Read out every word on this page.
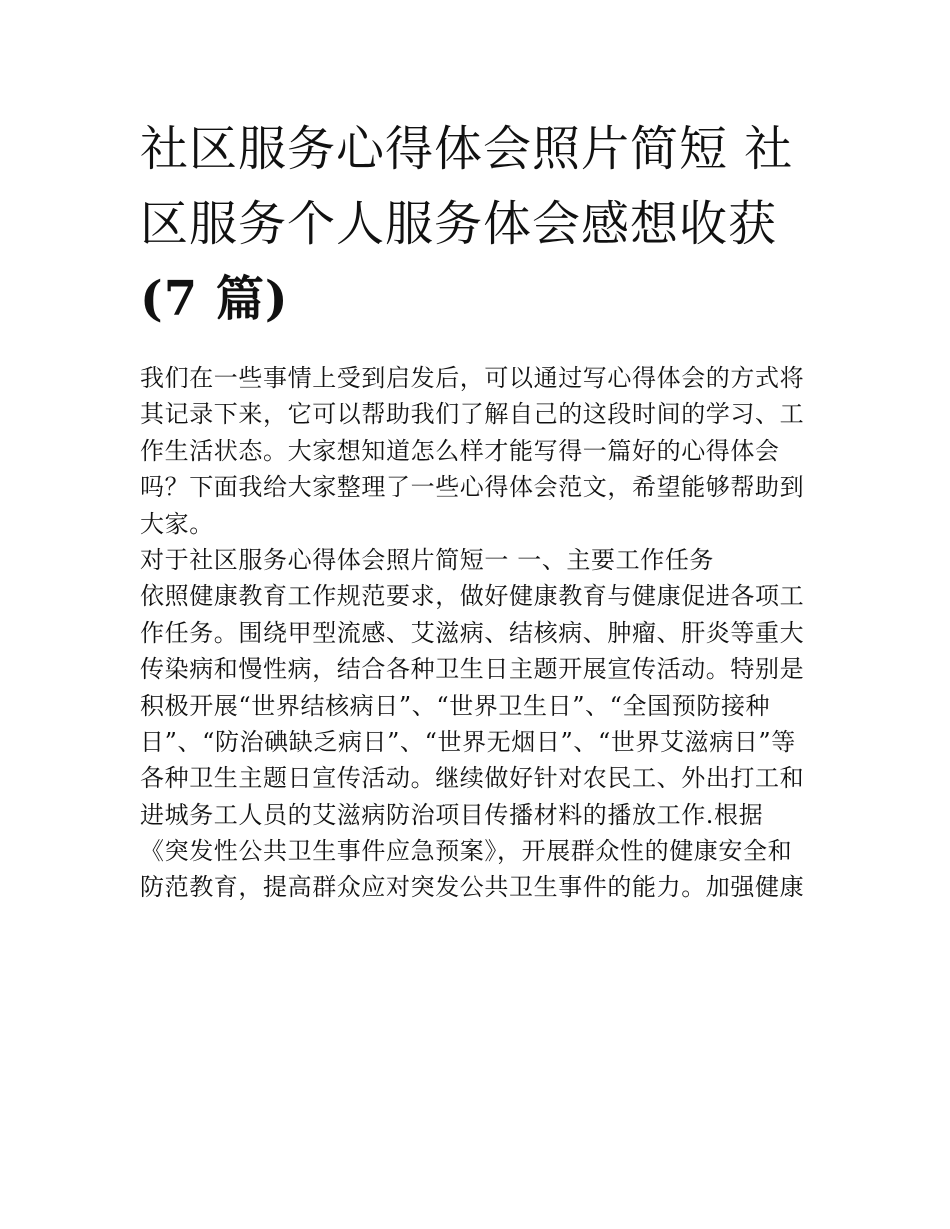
社区服务心得体会照片简短 社
区服务个人服务体会感想收获
(7 篇)
我们在一些事情上受到启发后，可以通过写心得体会的方式将
其记录下来，它可以帮助我们了解自己的这段时间的学习、工
作生活状态。大家想知道怎么样才能写得一篇好的心得体会
吗？下面我给大家整理了一些心得体会范文，希望能够帮助到
大家。
对于社区服务心得体会照片简短一 一、主要工作任务
依照健康教育工作规范要求，做好健康教育与健康促进各项工
作任务。围绕甲型流感、艾滋病、结核病、肿瘤、肝炎等重大
传染病和慢性病，结合各种卫生日主题开展宣传活动。特别是
积极开展“世界结核病日”、“世界卫生日”、“全国预防接种
日”、“防治碘缺乏病日”、“世界无烟日”、“世界艾滋病日”等
各种卫生主题日宣传活动。继续做好针对农民工、外出打工和
进城务工人员的艾滋病防治项目传播材料的播放工作.根据
《突发性公共卫生事件应急预案》，开展群众性的健康安全和
防范教育，提高群众应对突发公共卫生事件的能力。加强健康
